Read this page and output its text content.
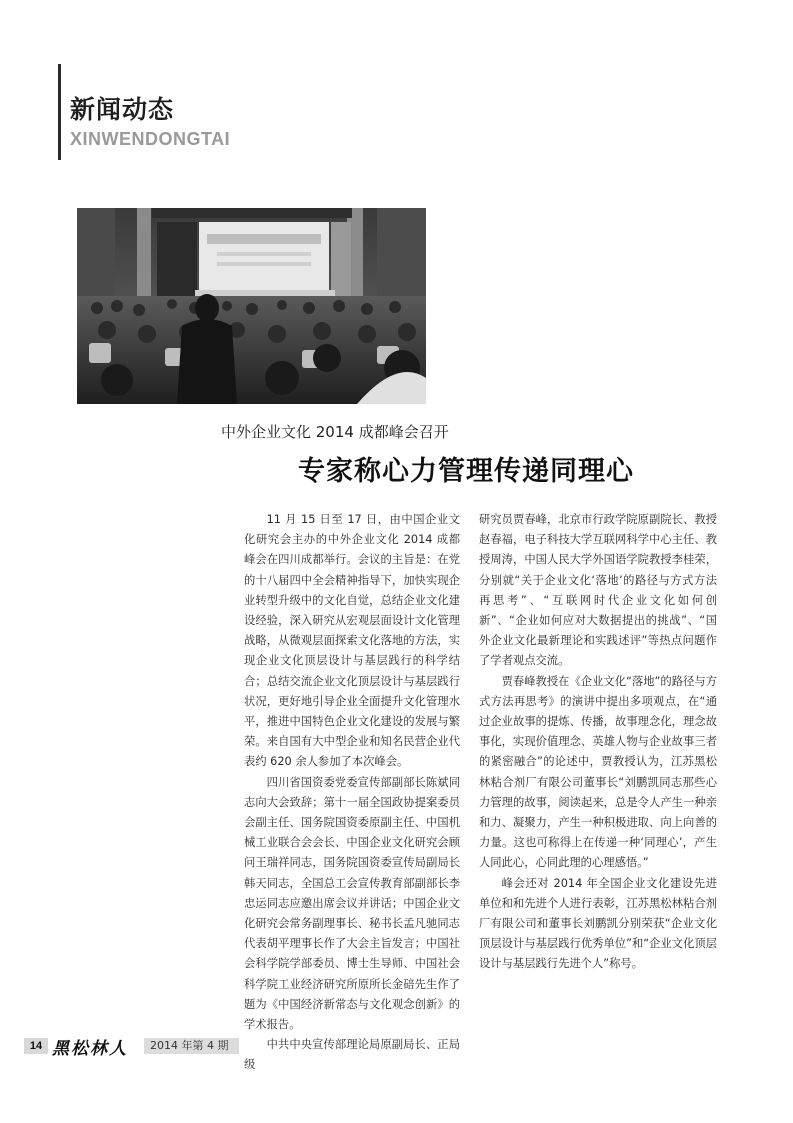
新闻动态
XINWENDONGTAI
中外企业文化 2014 成都峰会召开
专家称心力管理传递同理心

11 月 15 日至 17 日，由中国企业文化研究会主办的中外企业文化 2014 成都峰会在四川成都举行。会议的主旨是：在党的十八届四中全会精神指导下，加快实现企业转型升级中的文化自觉，总结企业文化建设经验，深入研究从宏观层面设计文化管理战略，从微观层面探索文化落地的方法，实现企业文化顶层设计与基层践行的科学结合；总结交流企业文化顶层设计与基层践行状况，更好地引导企业全面提升文化管理水平，推进中国特色企业文化建设的发展与繁荣。来自国有大中型企业和知名民营企业代表约 620 余人参加了本次峰会。

四川省国资委党委宣传部副部长陈斌同志向大会致辞；第十一届全国政协提案委员会副主任、国务院国资委原副主任、中国机械工业联合会会长、中国企业文化研究会顾问王瑞祥同志，国务院国资委宣传局副局长韩天同志，全国总工会宣传教育部副部长李忠运同志应邀出席会议并讲话；中国企业文化研究会常务副理事长、秘书长孟凡驰同志代表胡平理事长作了大会主旨发言；中国社会科学院学部委员、博士生导师、中国社会科学院工业经济研究所原所长金碚先生作了题为《中国经济新常态与文化观念创新》的学术报告。

中共中央宣传部理论局原副局长、正局级

研究员贾春峰，北京市行政学院原副院长、教授赵春福，电子科技大学互联网科学中心主任、教授周涛，中国人民大学外国语学院教授李桂荣，分别就“关于企业文化‘落地’的路径与方式方法再思考”、“互联网时代企业文化如何创新”、“企业如何应对大数据提出的挑战”、“国外企业文化最新理论和实践述评”等热点问题作了学者观点交流。

贾春峰教授在《企业文化“落地”的路径与方式方法再思考》的演讲中提出多项观点，在“通过企业故事的提炼、传播，故事理念化，理念故事化，实现价值理念、英雄人物与企业故事三者的紧密融合”的论述中，贾教授认为，江苏黑松林粘合剂厂有限公司董事长“刘鹏凯同志那些心力管理的故事，阅读起来，总是令人产生一种亲和力、凝聚力，产生一种积极进取、向上向善的力量。这也可称得上在传递一种‘同理心’，产生人同此心，心同此理的心理感悟。”

峰会还对 2014 年全国企业文化建设先进单位和和先进个人进行表彰，江苏黑松林粘合剂厂有限公司和董事长刘鹏凯分别荣获“企业文化顶层设计与基层践行优秀单位”和“企业文化顶层设计与基层践行先进个人”称号。

14 黑松林人 2014 年第 4 期
